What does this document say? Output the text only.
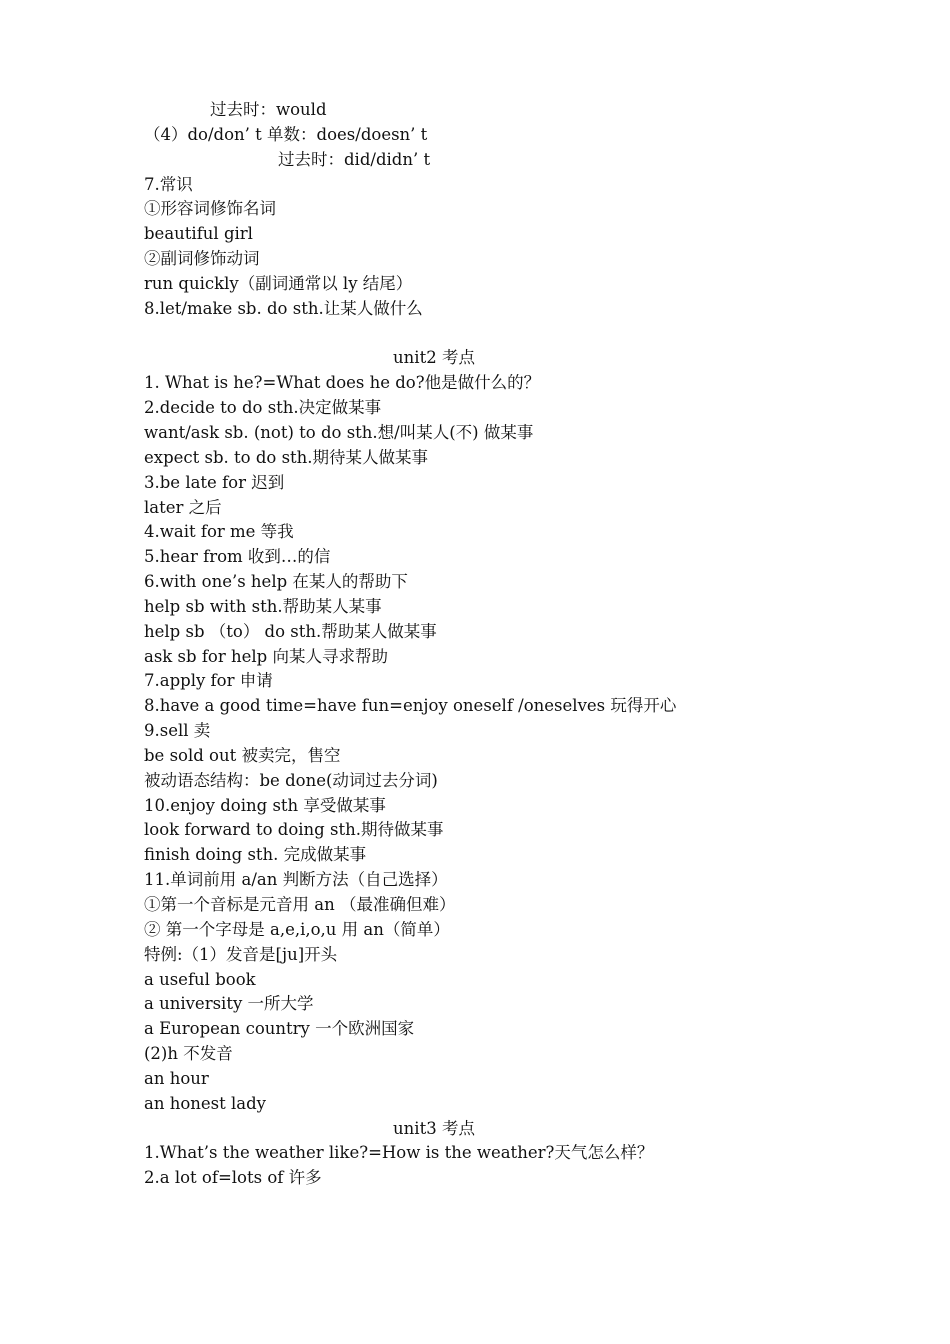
过去时：would
（4）do/don’ t 单数：does/doesn’ t
过去时：did/didn’ t
7.常识
①形容词修饰名词
beautiful girl
②副词修饰动词
run quickly（副词通常以 ly 结尾）
8.let/make sb. do sth.让某人做什么
unit2 考点
1. What is he?=What does he do?他是做什么的？
2.decide to do sth.决定做某事
want/ask sb. (not) to do sth.想/叫某人(不) 做某事
expect sb. to do sth.期待某人做某事
3.be late for 迟到
later 之后
4.wait for me 等我
5.hear from 收到…的信
6.with one’s help 在某人的帮助下
help sb with sth.帮助某人某事
help sb （to） do sth.帮助某人做某事
ask sb for help 向某人寻求帮助
7.apply for 申请
8.have a good time=have fun=enjoy oneself /oneselves 玩得开心
9.sell 卖
be sold out 被卖完，售空
被动语态结构：be done(动词过去分词)
10.enjoy doing sth 享受做某事
look forward to doing sth.期待做某事
finish doing sth. 完成做某事
11.单词前用 a/an 判断方法（自己选择）
①第一个音标是元音用 an （最准确但难）
② 第一个字母是 a,e,i,o,u 用 an（简单）
特例:（1）发音是[ju]开头
a useful book
a university 一所大学
a European country 一个欧洲国家
(2)h 不发音
an hour
an honest lady
unit3 考点
1.What’s the weather like?=How is the weather?天气怎么样？
2.a lot of=lots of 许多
